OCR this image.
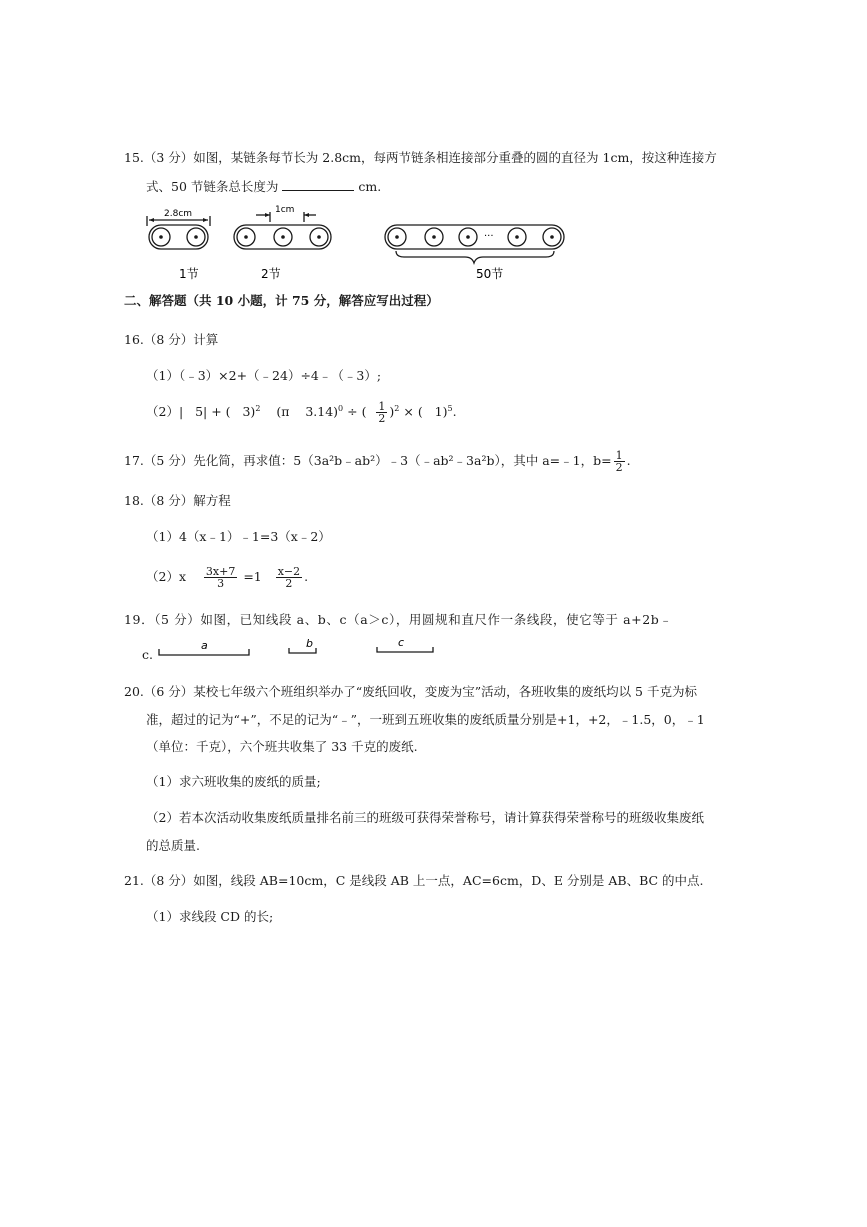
15.（3 分）如图，某链条每节长为 2.8cm，每两节链条相连接部分重叠的圆的直径为 1cm，按这种连接方
式、50 节链条总长度为	cm.
2.8cm	1cm
···
1节	2节	50节
二、解答题（共 10 小题，计 75 分，解答应写出过程）
16.（8 分）计算
（1）（﹣3）×2+（﹣24）÷4﹣（﹣3）;
（2）| 5| + ( 3)$^2$ (π 3.14)$^0$ ÷ ( $\frac{1}{2} )^2$ × ( 1)$^5$.
17.（5 分）先化简，再求值：5（3a²b﹣ab²）﹣3（﹣ab²﹣3a²b），其中 a=﹣1，$b= \frac{1}{2}$ .
18.（8 分）解方程
（1）4（x﹣1）﹣1=3（x﹣2）
$(2)x \frac{3x+7}{3} =1 \frac{x-2}{2}$ .
19．（5 分）如图，已知线段 a、b、c（a＞c），用圆规和直尺作一条线段，使它等于 a+2b﹣
c.
a	b	c
20.（6 分）某校七年级六个班组织举办了“废纸回收，变废为宝”活动，各班收集的废纸均以 5 千克为标
准，超过的记为“+”，不足的记为“﹣”，一班到五班收集的废纸质量分别是+1，+2，﹣1.5，0，﹣1
（单位：千克），六个班共收集了 33 千克的废纸.
（1）求六班收集的废纸的质量;
（2）若本次活动收集废纸质量排名前三的班级可获得荣誉称号，请计算获得荣誉称号的班级收集废纸
的总质量.
21.（8 分）如图，线段 AB=10cm，C 是线段 AB 上一点，AC=6cm，D、E 分别是 AB、BC 的中点.
（1）求线段 CD 的长;
